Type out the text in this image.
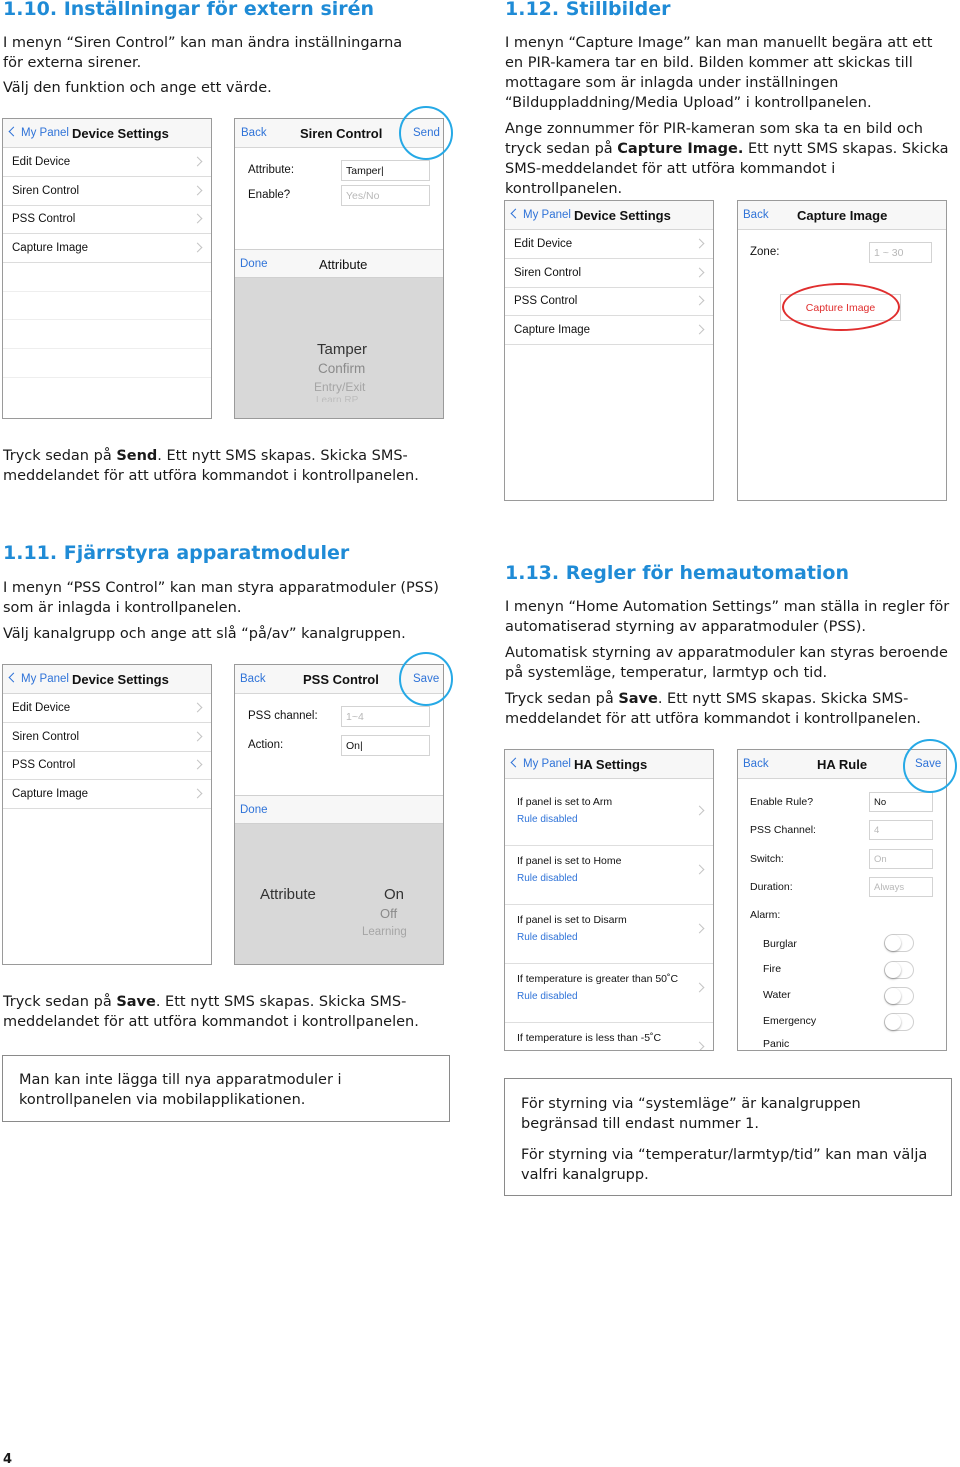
1.10. Inställningar för extern sirén
I menyn “Siren Control” kan man ändra inställningarna för externa sirener.
Välj den funktion och ange ett värde.
My Panel Device Settings
Edit Device
Siren Control
PSS Control
Capture Image
Back	Siren Control	Send
Attribute:	Tamper|
Enable?	Yes/No
Done	Attribute
Tamper
Confirm
Entry/Exit
Learn RP
Tryck sedan på Send. Ett nytt SMS skapas. Skicka SMS-meddelandet för att utföra kommandot i kontrollpanelen.
1.12. Stillbilder
I menyn “Capture Image” kan man manuellt begära att ett en PIR-kamera tar en bild. Bilden kommer att skickas till mottagare som är inlagda under inställningen “Bilduppladdning/Media Upload” i kontrollpanelen.
Ange zonnummer för PIR-kameran som ska ta en bild och tryck sedan på Capture Image. Ett nytt SMS skapas. Skicka SMS-meddelandet för att utföra kommandot i kontrollpanelen.
My Panel Device Settings
Edit Device
Siren Control
PSS Control
Capture Image
Back Capture Image
Zone:	1 ~ 30
Capture Image
1.11. Fjärrstyra apparatmoduler
I menyn “PSS Control” kan man styra apparatmoduler (PSS) som är inlagda i kontrollpanelen.
Välj kanalgrupp och ange att slå “på/av” kanalgruppen.
My Panel Device Settings
Edit Device
Siren Control
PSS Control
Capture Image
Back	PSS Control	Save
PSS channel:	1~4
Action:	On|
Done
Attribute	On
Off
Learning
Tryck sedan på Save. Ett nytt SMS skapas. Skicka SMS-meddelandet för att utföra kommandot i kontrollpanelen.
Man kan inte lägga till nya apparatmoduler i kontrollpanelen via mobilapplikationen.
1.13. Regler för hemautomation
I menyn “Home Automation Settings” man ställa in regler för automatiserad styrning av apparatmoduler (PSS).
Automatisk styrning av apparatmoduler kan styras beroende på systemläge, temperatur, larmtyp och tid.
Tryck sedan på Save. Ett nytt SMS skapas. Skicka SMS-meddelandet för att utföra kommandot i kontrollpanelen.
My Panel HA Settings
If panel is set to Arm
Rule disabled
If panel is set to Home
Rule disabled
If panel is set to Disarm
Rule disabled
If temperature is greater than 50˚C
Rule disabled
If temperature is less than -5˚C
Back	HA Rule	Save
Enable Rule?	No
PSS Channel:	4
Switch:	On
Duration:	Always
Alarm:
Burglar
Fire
Water
Emergency
Panic
För styrning via “systemläge” är kanalgruppen begränsad till endast nummer 1.
För styrning via “temperatur/larmtyp/tid” kan man välja valfri kanalgrupp.
4
